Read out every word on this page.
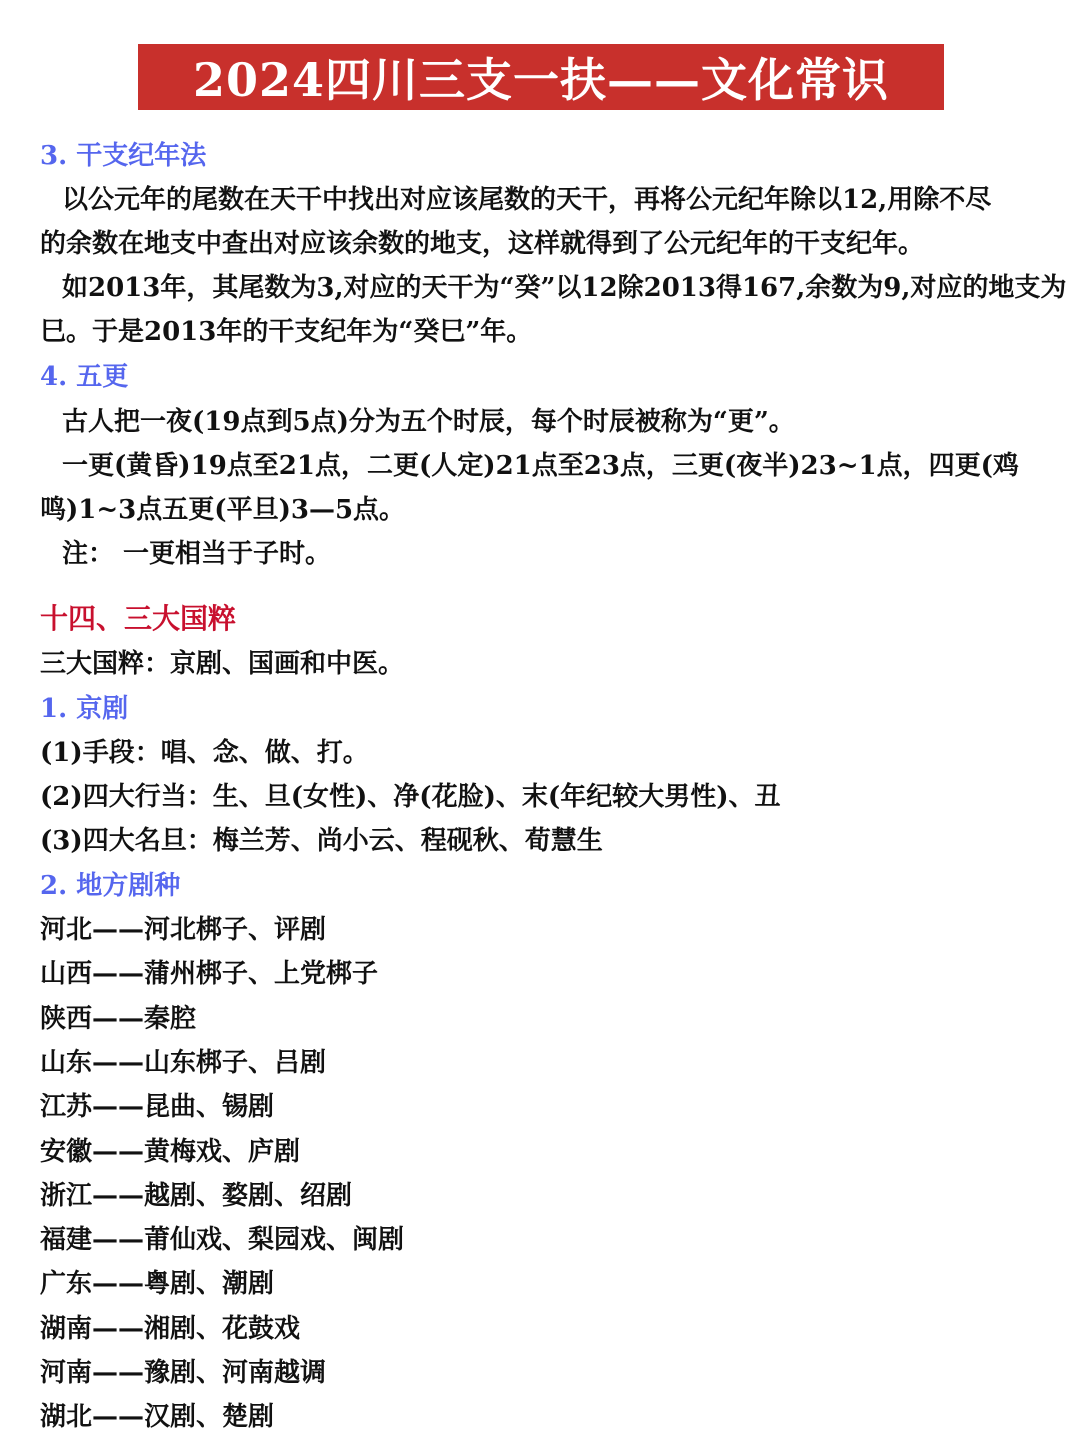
2024四川三支一扶——文化常识
3. 干支纪年法
以公元年的尾数在天干中找出对应该尾数的天干，再将公元纪年除以12,用除不尽
的余数在地支中查出对应该余数的地支，这样就得到了公元纪年的干支纪年。
如2013年，其尾数为3,对应的天干为“癸”以12除2013得167,余数为9,对应的地支为
巳。于是2013年的干支纪年为“癸巳”年。
4. 五更
古人把一夜(19点到5点)分为五个时辰，每个时辰被称为“更”。
一更(黄昏)19点至21点，二更(人定)21点至23点，三更(夜半)23~1点，四更(鸡
鸣)1~3点五更(平旦)3—5点。
注： 一更相当于子时。
十四、三大国粹
三大国粹：京剧、国画和中医。
1. 京剧
(1)手段：唱、念、做、打。
(2)四大行当：生、旦(女性)、净(花脸)、末(年纪较大男性)、丑
(3)四大名旦：梅兰芳、尚小云、程砚秋、荀慧生
2. 地方剧种
河北——河北梆子、评剧
山西——蒲州梆子、上党梆子
陕西——秦腔
山东——山东梆子、吕剧
江苏——昆曲、锡剧
安徽——黄梅戏、庐剧
浙江——越剧、婺剧、绍剧
福建——莆仙戏、梨园戏、闽剧
广东——粤剧、潮剧
湖南——湘剧、花鼓戏
河南——豫剧、河南越调
湖北——汉剧、楚剧
